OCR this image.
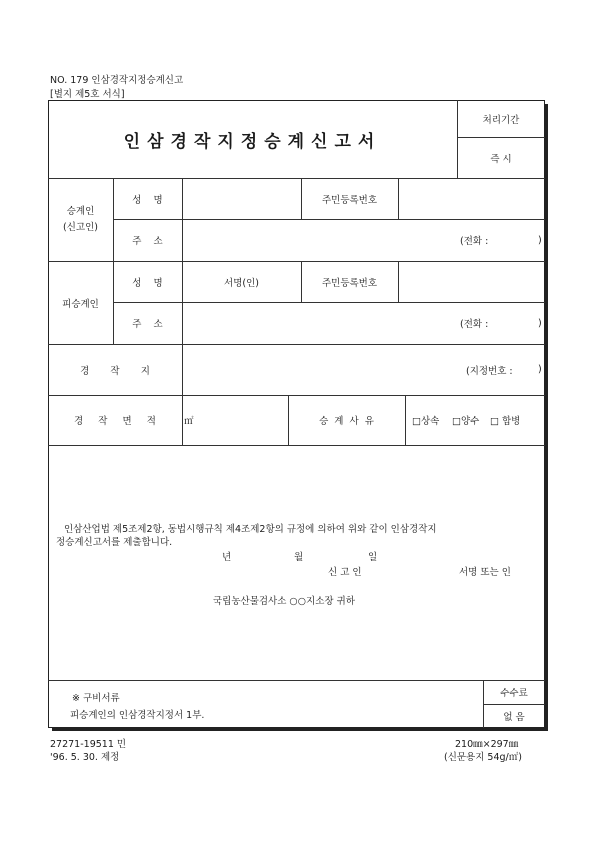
NO. 179 인삼경작지정승계신고
[별지 제5호 서식]
인삼경작지정승계신고서
처리기간
즉 시
승계인
(신고인)
성    명	주민등록번호
주    소	(전화 :	)
피승계인
성    명	서명(인)	주민등록번호
주    소	(전화 :	)
경       작       지	(지정번호 :	)
경     작     면     적	㎡	승  계  사  유	□상속 □양수 □ 합병
인삼산업법 제5조제2항, 동법시행규칙 제4조제2항의 규정에 의하여 위와 같이 인삼경작지
정승계신고서를 제출합니다.
년	월	일
신 고 인	서명 또는 인
국립농산물검사소 ○○지소장 귀하
※ 구비서류
피승계인의 인삼경작지정서 1부.
수수료
없 음
27271-19511 민
'96. 5. 30. 제정
210㎜×297㎜
(신문용지 54g/㎡)
